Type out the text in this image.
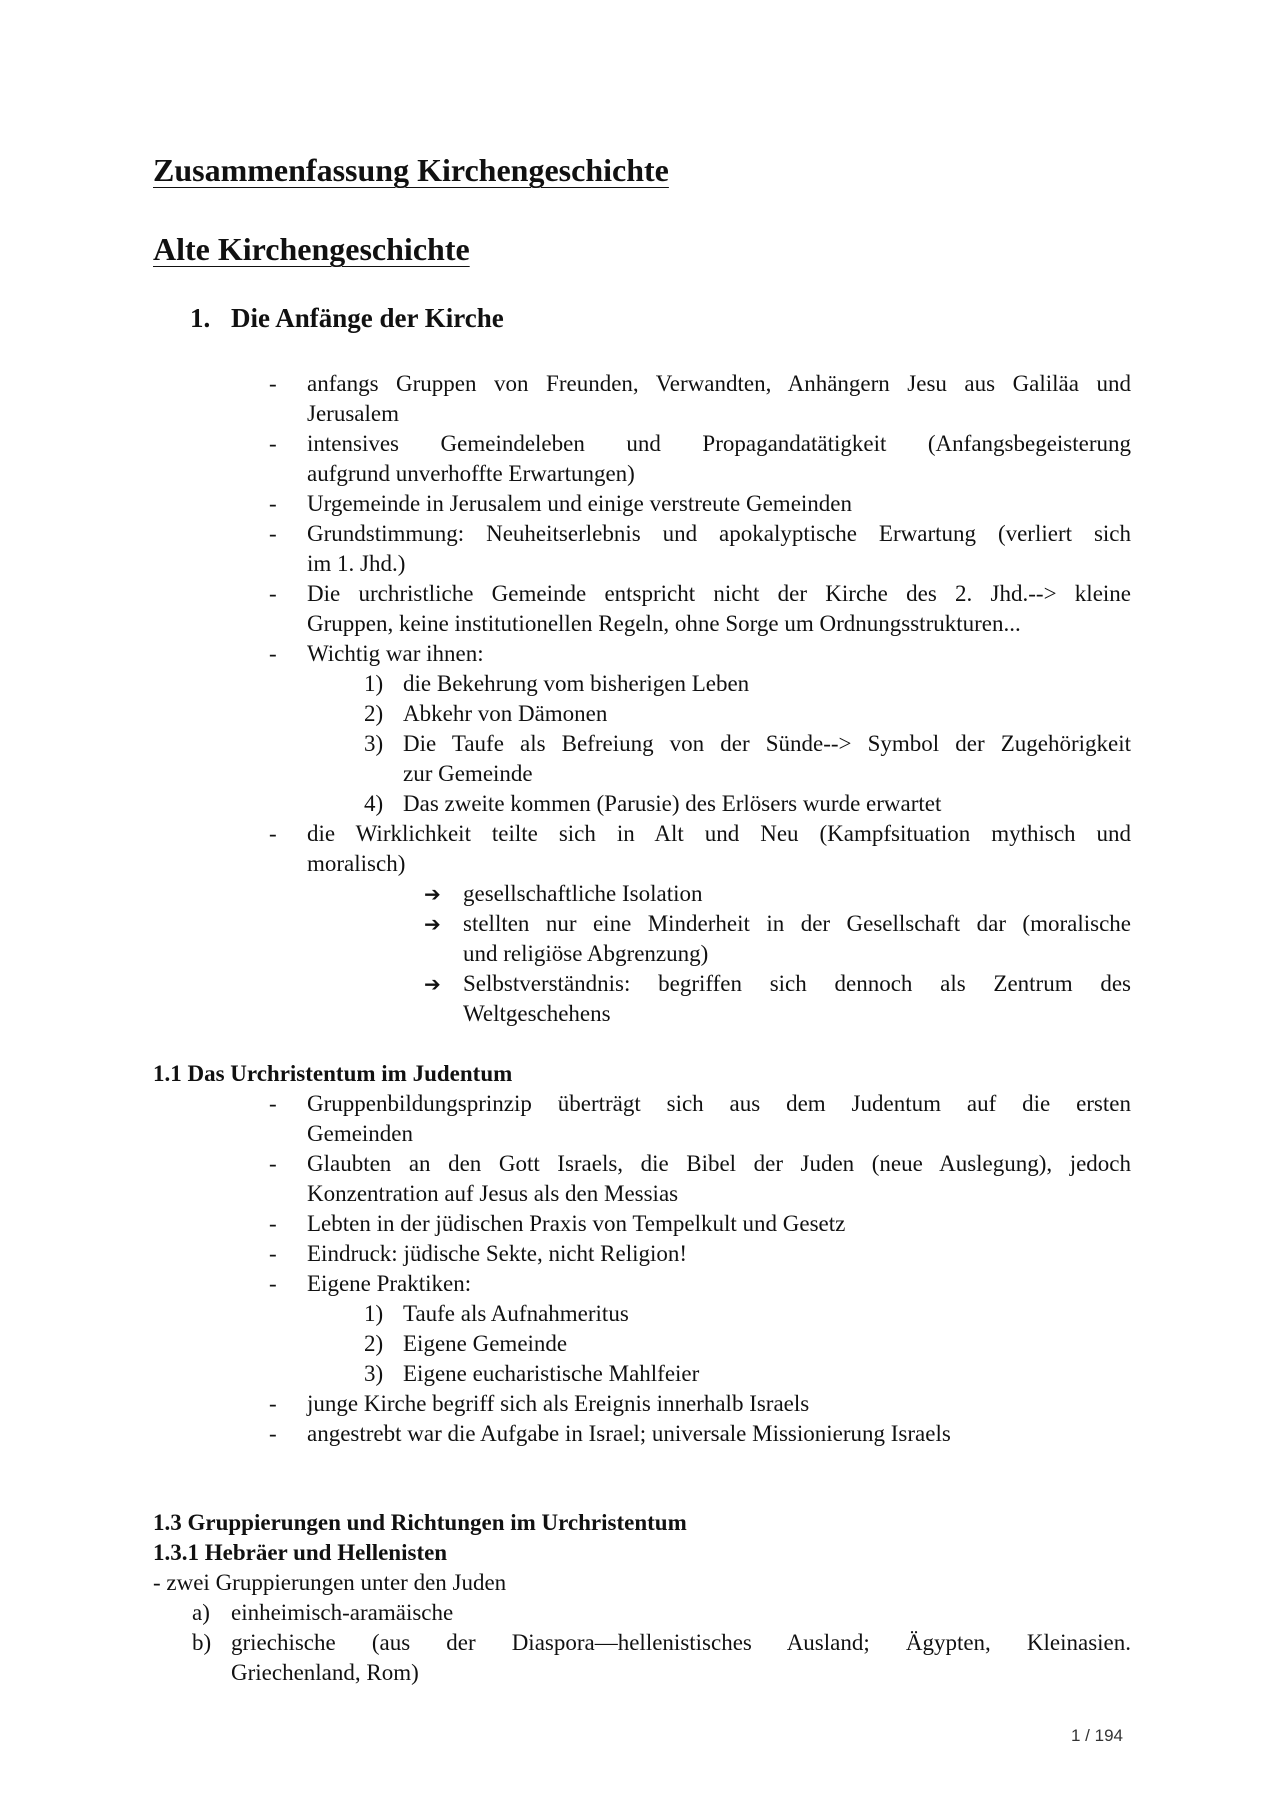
Zusammenfassung Kirchengeschichte
Alte Kirchengeschichte
1. Die Anfänge der Kirche
- anfangs Gruppen von Freunden, Verwandten, Anhängern Jesu aus Galiläa und
Jerusalem
- intensives Gemeindeleben und Propagandatätigkeit (Anfangsbegeisterung
aufgrund unverhoffte Erwartungen)
- Urgemeinde in Jerusalem und einige verstreute Gemeinden
- Grundstimmung: Neuheitserlebnis und apokalyptische Erwartung (verliert sich
im 1. Jhd.)
- Die urchristliche Gemeinde entspricht nicht der Kirche des 2. Jhd.--> kleine
Gruppen, keine institutionellen Regeln, ohne Sorge um Ordnungsstrukturen...
- Wichtig war ihnen:
1) die Bekehrung vom bisherigen Leben
2) Abkehr von Dämonen
3) Die Taufe als Befreiung von der Sünde--> Symbol der Zugehörigkeit
zur Gemeinde
4) Das zweite kommen (Parusie) des Erlösers wurde erwartet
- die Wirklichkeit teilte sich in Alt und Neu (Kampfsituation mythisch und
moralisch)
➔ gesellschaftliche Isolation
➔ stellten nur eine Minderheit in der Gesellschaft dar (moralische
und religiöse Abgrenzung)
➔ Selbstverständnis: begriffen sich dennoch als Zentrum des
Weltgeschehens
1.1 Das Urchristentum im Judentum
- Gruppenbildungsprinzip überträgt sich aus dem Judentum auf die ersten
Gemeinden
- Glaubten an den Gott Israels, die Bibel der Juden (neue Auslegung), jedoch
Konzentration auf Jesus als den Messias
- Lebten in der jüdischen Praxis von Tempelkult und Gesetz
- Eindruck: jüdische Sekte, nicht Religion!
- Eigene Praktiken:
1) Taufe als Aufnahmeritus
2) Eigene Gemeinde
3) Eigene eucharistische Mahlfeier
- junge Kirche begriff sich als Ereignis innerhalb Israels
- angestrebt war die Aufgabe in Israel; universale Missionierung Israels
1.3 Gruppierungen und Richtungen im Urchristentum
1.3.1 Hebräer und Hellenisten
- zwei Gruppierungen unter den Juden
a) einheimisch-aramäische
b) griechische (aus der Diaspora—hellenistisches Ausland; Ägypten, Kleinasien.
Griechenland, Rom)
1 / 194
